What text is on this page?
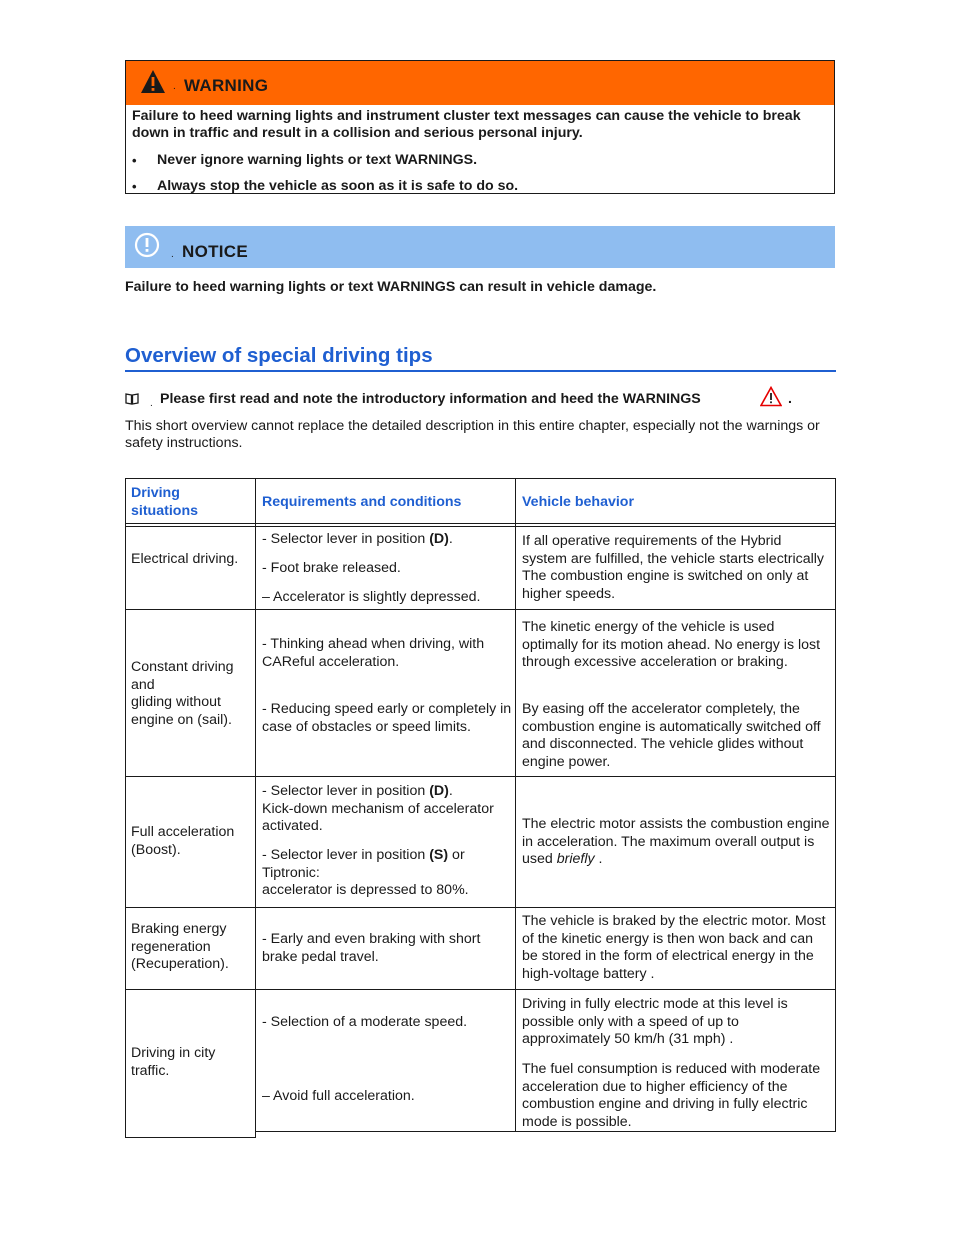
. WARNING
Failure to heed warning lights and instrument cluster text messages can cause the vehicle to break down in traffic and result in a collision and serious personal injury.
• Never ignore warning lights or text WARNINGS.
• Always stop the vehicle as soon as it is safe to do so.
. NOTICE
Failure to heed warning lights or text WARNINGS can result in vehicle damage.
Overview of special driving tips
. Please first read and note the introductory information and heed the WARNINGS	.
This short overview cannot replace the detailed description in this entire chapter, especially not the warnings or safety instructions.
Driving
situations
Requirements and conditions	Vehicle behavior
Electrical driving.
- Selector lever in position (D).
- Foot brake released.
– Accelerator is slightly depressed.
If all operative requirements of the Hybrid system are fulfilled, the vehicle starts electrically The combustion engine is switched on only at higher speeds.
Constant driving
and
gliding without
engine on (sail).
- Thinking ahead when driving, with CAReful acceleration.
- Reducing speed early or completely in case of obstacles or speed limits.
The kinetic energy of the vehicle is used optimally for its motion ahead. No energy is lost through excessive acceleration or braking.
By easing off the accelerator completely, the combustion engine is automatically switched off and disconnected. The vehicle glides without engine power.
Full acceleration (Boost).
- Selector lever in position (D).
Kick-down mechanism of accelerator activated.
- Selector lever in position (S) or
Tiptronic:
accelerator is depressed to 80%.
The electric motor assists the combustion engine in acceleration. The maximum overall output is used briefly .
Braking energy regeneration (Recuperation).
- Early and even braking with short brake pedal travel.
The vehicle is braked by the electric motor. Most of the kinetic energy is then won back and can be stored in the form of electrical energy in the high-voltage battery .
Driving in city traffic.
- Selection of a moderate speed.
– Avoid full acceleration.
Driving in fully electric mode at this level is possible only with a speed of up to approximately 50 km/h (31 mph) .
The fuel consumption is reduced with moderate acceleration due to higher efficiency of the combustion engine and driving in fully electric mode is possible.
